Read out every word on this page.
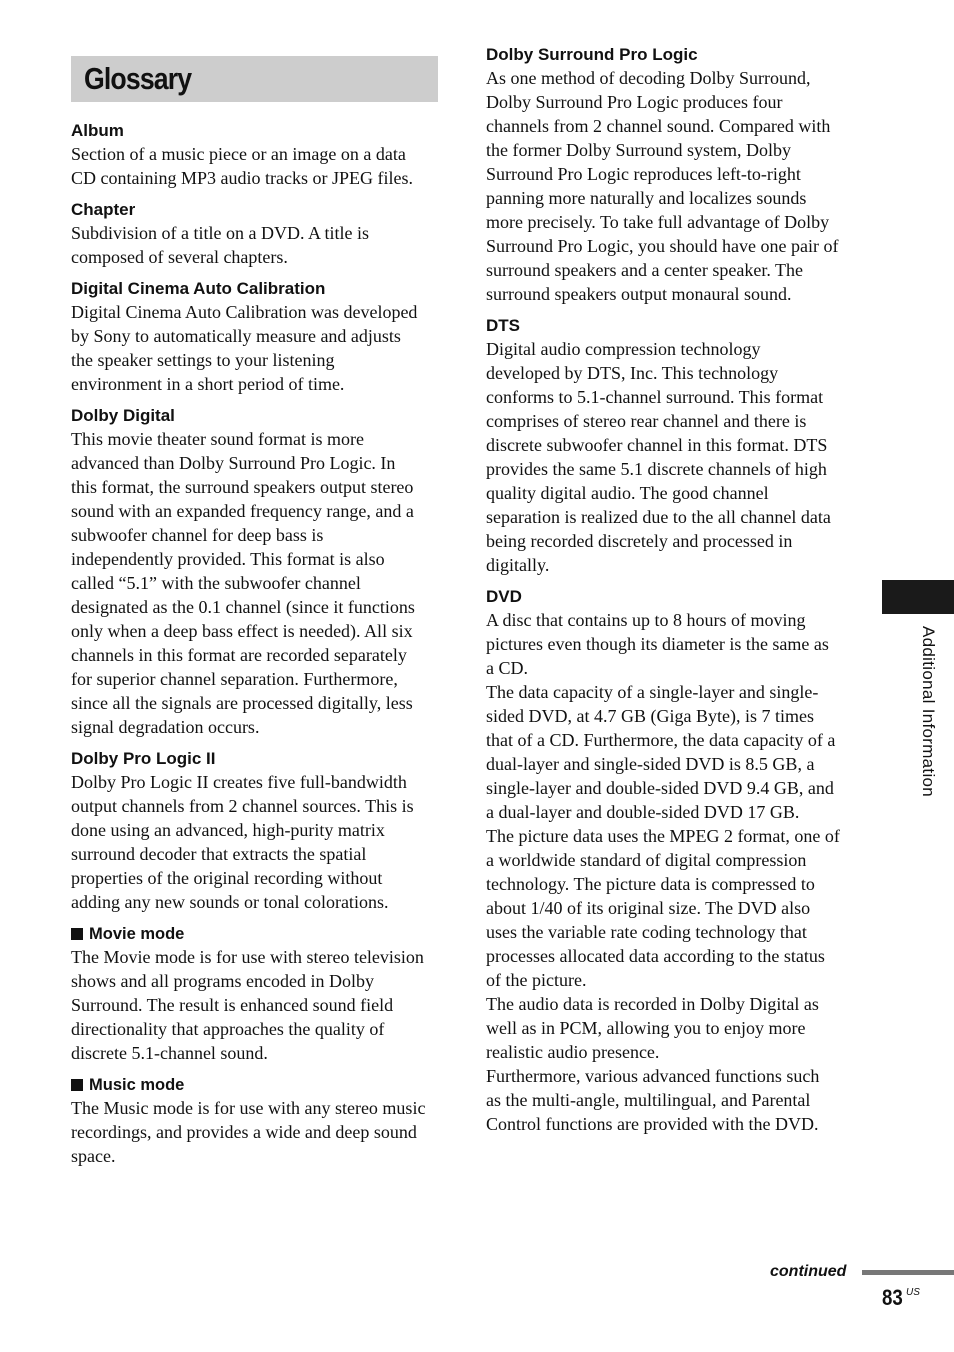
Glossary

Album

Section of a music piece or an image on a data
CD containing MP3 audio tracks or JPEG files.

Chapter

Subdivision of a title on a DVD. A title is
composed of several chapters.

Digital Cinema Auto Calibration

Digital Cinema Auto Calibration was developed
by Sony to automatically measure and adjusts
the speaker settings to your listening
environment in a short period of time.

Dolby Digital

This movie theater sound format is more
advanced than Dolby Surround Pro Logic. In
this format, the surround speakers output stereo
sound with an expanded frequency range, and a
subwoofer channel for deep bass is
independently provided. This format is also
called “5.1” with the subwoofer channel
designated as the 0.1 channel (since it functions
only when a deep bass effect is needed). All six
channels in this format are recorded separately
for superior channel separation. Furthermore,
since all the signals are processed digitally, less
signal degradation occurs.

Dolby Pro Logic II

Dolby Pro Logic II creates five full-bandwidth
output channels from 2 channel sources. This is
done using an advanced, high-purity matrix
surround decoder that extracts the spatial
properties of the original recording without
adding any new sounds or tonal colorations.

Movie mode

The Movie mode is for use with stereo television
shows and all programs encoded in Dolby
Surround. The result is enhanced sound field
directionality that approaches the quality of
discrete 5.1-channel sound.

Music mode

The Music mode is for use with any stereo music
recordings, and provides a wide and deep sound
space.

Dolby Surround Pro Logic

As one method of decoding Dolby Surround,
Dolby Surround Pro Logic produces four
channels from 2 channel sound. Compared with
the former Dolby Surround system, Dolby
Surround Pro Logic reproduces left-to-right
panning more naturally and localizes sounds
more precisely. To take full advantage of Dolby
Surround Pro Logic, you should have one pair of
surround speakers and a center speaker. The
surround speakers output monaural sound.

DTS

Digital audio compression technology
developed by DTS, Inc. This technology
conforms to 5.1-channel surround. This format
comprises of stereo rear channel and there is
discrete subwoofer channel in this format. DTS
provides the same 5.1 discrete channels of high
quality digital audio. The good channel
separation is realized due to the all channel data
being recorded discretely and processed in
digitally.

DVD

A disc that contains up to 8 hours of moving
pictures even though its diameter is the same as
a CD.
The data capacity of a single-layer and single-
sided DVD, at 4.7 GB (Giga Byte), is 7 times
that of a CD. Furthermore, the data capacity of a
dual-layer and single-sided DVD is 8.5 GB, a
single-layer and double-sided DVD 9.4 GB, and
a dual-layer and double-sided DVD 17 GB.
The picture data uses the MPEG 2 format, one of
a worldwide standard of digital compression
technology. The picture data is compressed to
about 1/40 of its original size. The DVD also
uses the variable rate coding technology that
processes allocated data according to the status
of the picture.
The audio data is recorded in Dolby Digital as
well as in PCM, allowing you to enjoy more
realistic audio presence.
Furthermore, various advanced functions such
as the multi-angle, multilingual, and Parental
Control functions are provided with the DVD.

Additional Information
continued
83 US
